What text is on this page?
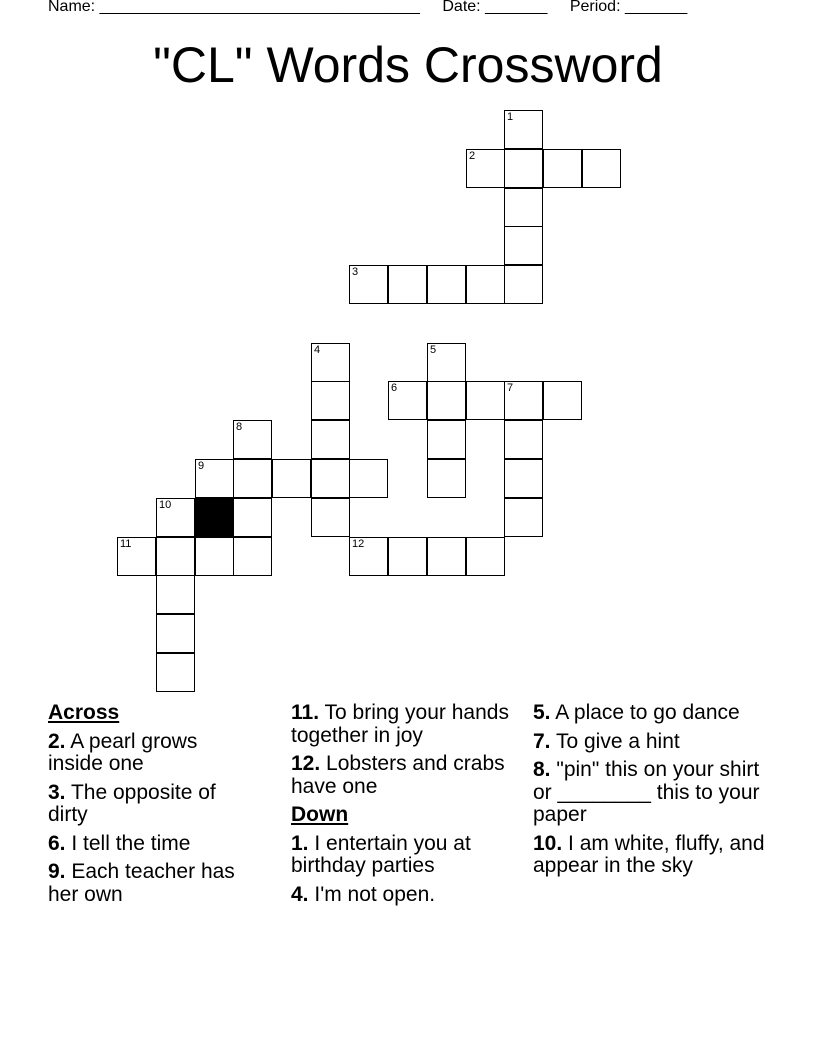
Name: ____________________________________ Date: _______ Period: _______
"CL" Words Crossword
1
2
3
4	5
6	7
8
9
10
11	12
Across
2. A pearl grows inside one
3. The opposite of dirty
6. I tell the time
9. Each teacher has her own
11. To bring your hands together in joy
12. Lobsters and crabs have one
Down
1. I entertain you at birthday parties
4. I'm not open.
5. A place to go dance
7. To give a hint
8. "pin" this on your shirt or ________ this to your paper
10. I am white, fluffy, and appear in the sky
